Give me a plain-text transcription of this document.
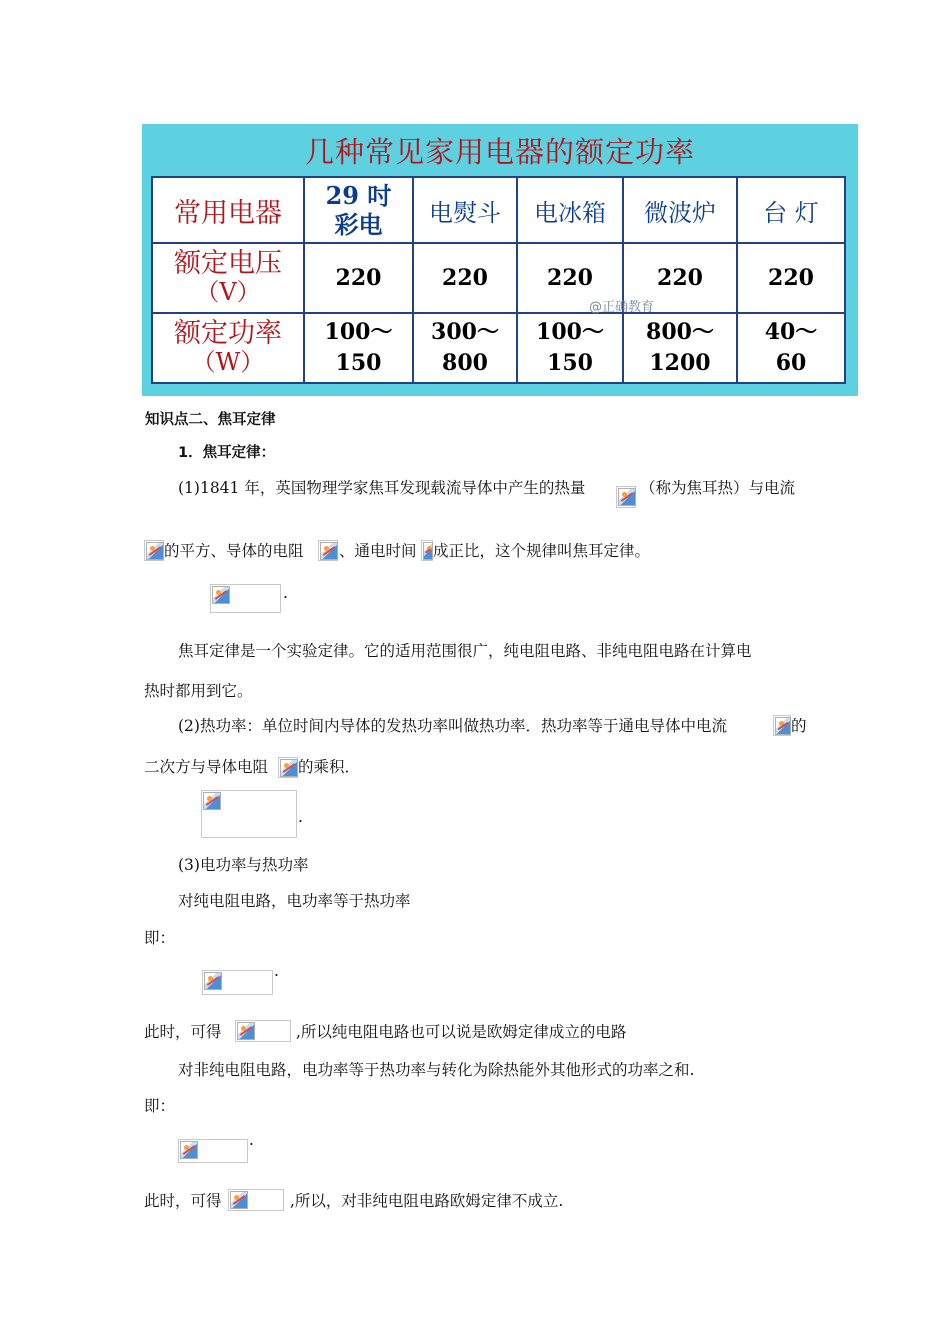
几种常见家用电器的额定功率
常用电器	29 吋 彩电	电熨斗	电冰箱	微波炉	台 灯
额定电压
（V）	220	220	220	220	220
额定功率
（W）	100～ 150	300～ 800	100～ 150	800～ 1200	40～ 60
@正确教育
知识点二、焦耳定律
1．焦耳定律：
(1)1841 年，英国物理学家焦耳发现载流导体中产生的热量	（称为焦耳热）与电流
的平方、导体的电阻 、通电时间 成正比，这个规律叫焦耳定律。
.
焦耳定律是一个实验定律。它的适用范围很广，纯电阻电路、非纯电阻电路在计算电
热时都用到它。
(2)热功率：单位时间内导体的发热功率叫做热功率．热功率等于通电导体中电流	的
二次方与导体电阻 的乘积．
.
(3)电功率与热功率
对纯电阻电路，电功率等于热功率
即：
.
此时，可得	,所以纯电阻电路也可以说是欧姆定律成立的电路
对非纯电阻电路，电功率等于热功率与转化为除热能外其他形式的功率之和.
即：
.
此时，可得	,所以，对非纯电阻电路欧姆定律不成立.
